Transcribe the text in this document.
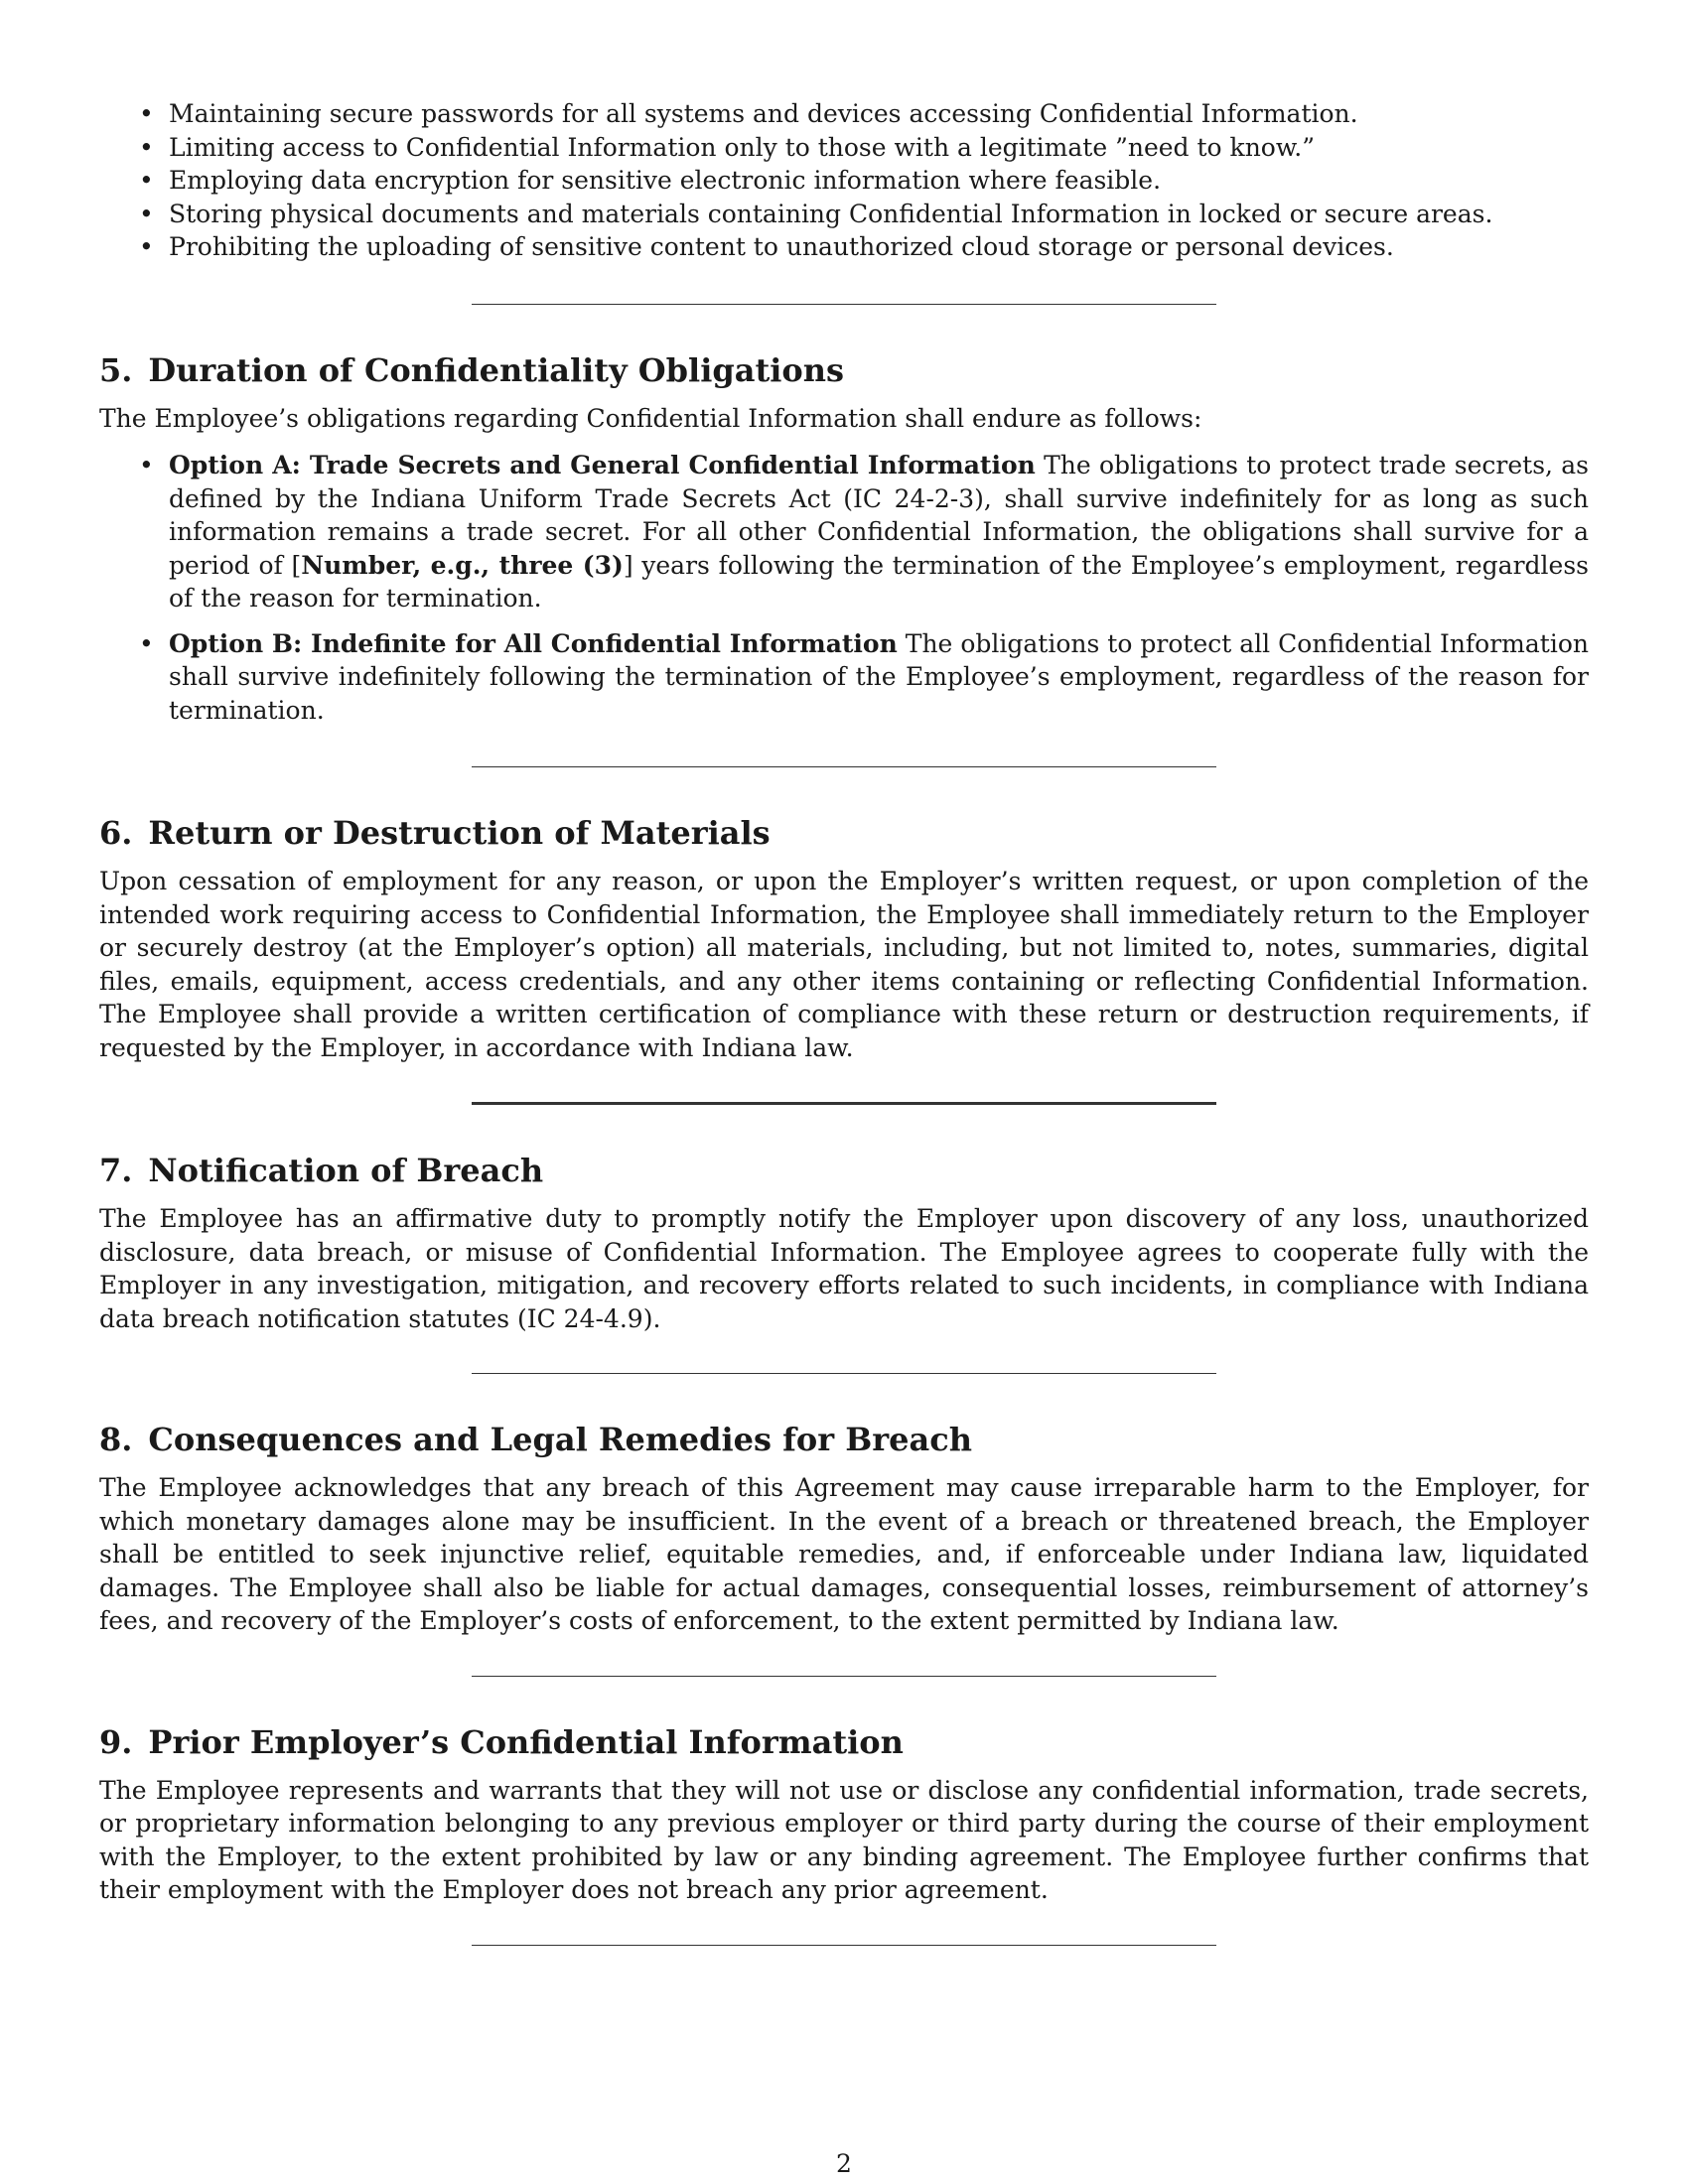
• Maintaining secure passwords for all systems and devices accessing Confidential Information.
• Limiting access to Confidential Information only to those with a legitimate ”need to know.”
• Employing data encryption for sensitive electronic information where feasible.
• Storing physical documents and materials containing Confidential Information in locked or secure areas.
• Prohibiting the uploading of sensitive content to unauthorized cloud storage or personal devices.
5. Duration of Confidentiality Obligations

The Employee’s obligations regarding Confidential Information shall endure as follows:

• Option A: Trade Secrets and General Confidential Information The obligations to protect trade secrets, as defined by the Indiana Uniform Trade Secrets Act (IC 24-2-3), shall survive indefinitely for as long as such information remains a trade secret. For all other Confidential Information, the obligations shall survive for a period of [Number, e.g., three (3)] years following the termination of the Employee’s employment, regardless of the reason for termination.
• Option B: Indefinite for All Confidential Information The obligations to protect all Confidential Information shall survive indefinitely following the termination of the Employee’s employment, regardless of the reason for termination.
6. Return or Destruction of Materials

Upon cessation of employment for any reason, or upon the Employer’s written request, or upon completion of the intended work requiring access to Confidential Information, the Employee shall immediately return to the Employer or securely destroy (at the Employer’s option) all materials, including, but not limited to, notes, summaries, digital files, emails, equipment, access credentials, and any other items containing or reflecting Confidential Information. The Employee shall provide a written certification of compliance with these return or destruction requirements, if requested by the Employer, in accordance with Indiana law.

7. Notification of Breach

The Employee has an affirmative duty to promptly notify the Employer upon discovery of any loss, unauthorized disclosure, data breach, or misuse of Confidential Information. The Employee agrees to cooperate fully with the Employer in any investigation, mitigation, and recovery efforts related to such incidents, in compliance with Indiana data breach notification statutes (IC 24-4.9).

8. Consequences and Legal Remedies for Breach

The Employee acknowledges that any breach of this Agreement may cause irreparable harm to the Employer, for which monetary damages alone may be insufficient. In the event of a breach or threatened breach, the Employer shall be entitled to seek injunctive relief, equitable remedies, and, if enforceable under Indiana law, liquidated damages. The Employee shall also be liable for actual damages, consequential losses, reimbursement of attorney’s fees, and recovery of the Employer’s costs of enforcement, to the extent permitted by Indiana law.

9. Prior Employer’s Confidential Information

The Employee represents and warrants that they will not use or disclose any confidential information, trade secrets, or proprietary information belonging to any previous employer or third party during the course of their employment with the Employer, to the extent prohibited by law or any binding agreement. The Employee further confirms that their employment with the Employer does not breach any prior agreement.

2
